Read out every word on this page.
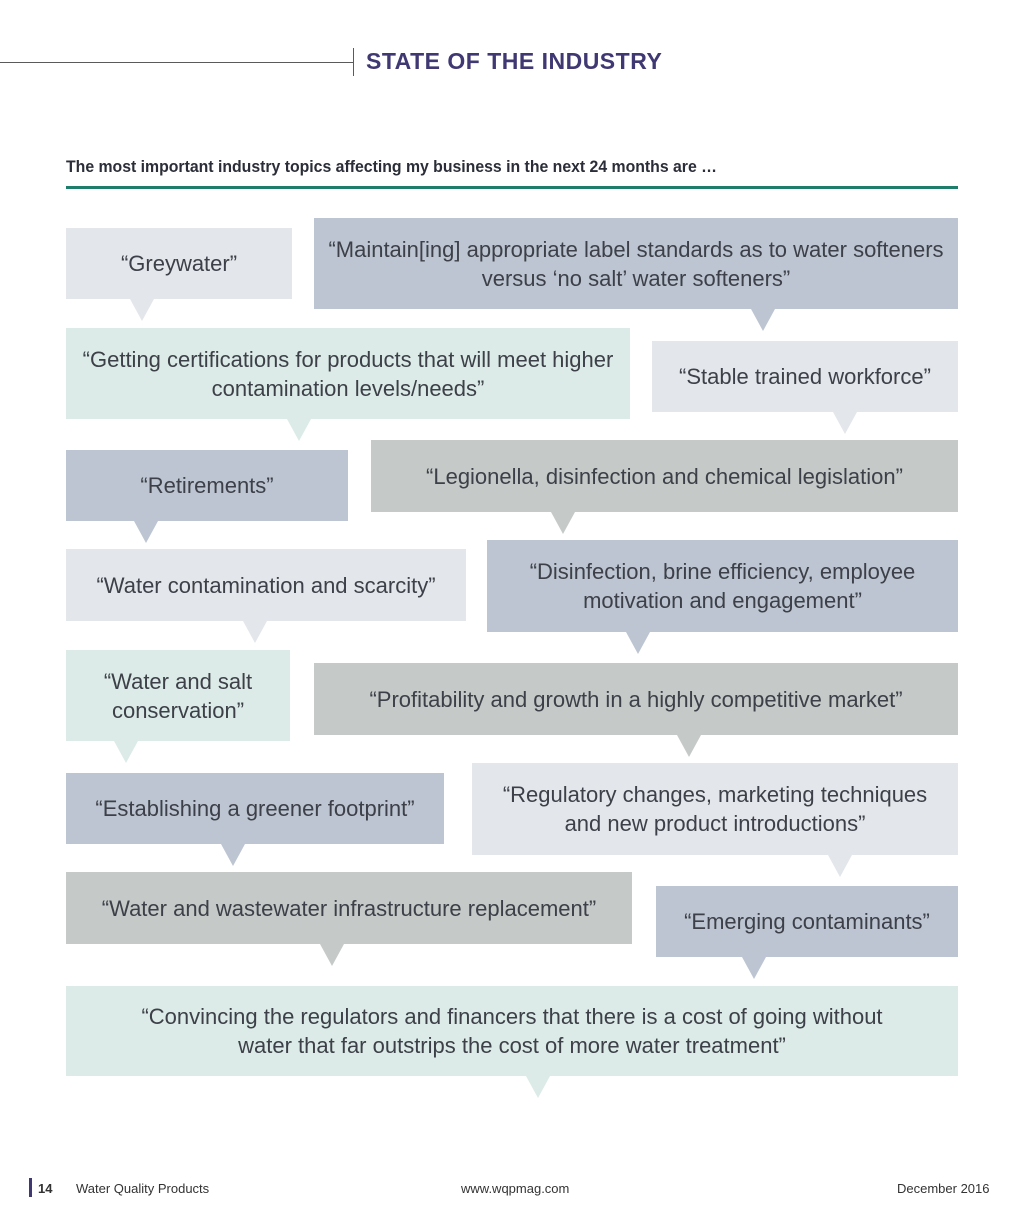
STATE OF THE INDUSTRY
The most important industry topics affecting my business in the next 24 months are …
“Greywater”
“Maintain[ing] appropriate label standards as to water softeners versus ‘no salt’ water softeners”
“Getting certifications for products that will meet higher contamination levels/needs”	“Stable trained workforce”
“Retirements”	“Legionella, disinfection and chemical legislation”
“Water contamination and scarcity”
“Disinfection, brine efficiency, employee motivation and engagement”
“Water and salt conservation”	“Profitability and growth in a highly competitive market”
“Establishing a greener footprint”
“Regulatory changes, marketing techniques and new product introductions”
“Water and wastewater infrastructure replacement”
“Emerging contaminants”
“Convincing the regulators and financers that there is a cost of going without water that far outstrips the cost of more water treatment”
14 Water Quality Products	www.wqpmag.com	December 2016
